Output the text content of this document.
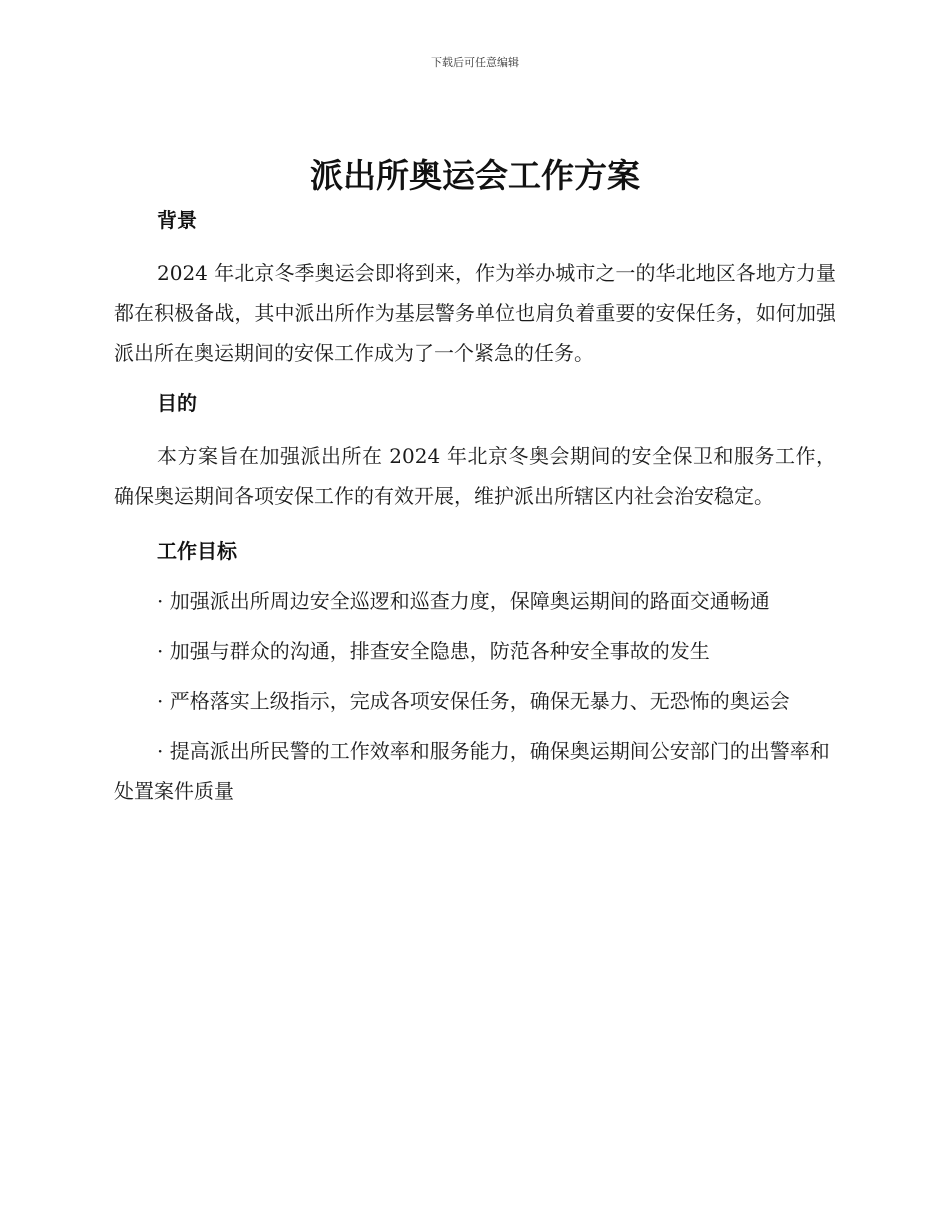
下载后可任意编辑
派出所奥运会工作方案
背景

2024 年北京冬季奥运会即将到来，作为举办城市之一的华北地区各地方力量都在积极备战，其中派出所作为基层警务单位也肩负着重要的安保任务，如何加强派出所在奥运期间的安保工作成为了一个紧急的任务。

目的

本方案旨在加强派出所在 2024 年北京冬奥会期间的安全保卫和服务工作，确保奥运期间各项安保工作的有效开展，维护派出所辖区内社会治安稳定。

工作目标

· 加强派出所周边安全巡逻和巡查力度，保障奥运期间的路面交通畅通

· 加强与群众的沟通，排查安全隐患，防范各种安全事故的发生

· 严格落实上级指示，完成各项安保任务，确保无暴力、无恐怖的奥运会

· 提高派出所民警的工作效率和服务能力，确保奥运期间公安部门的出警率和处置案件质量
